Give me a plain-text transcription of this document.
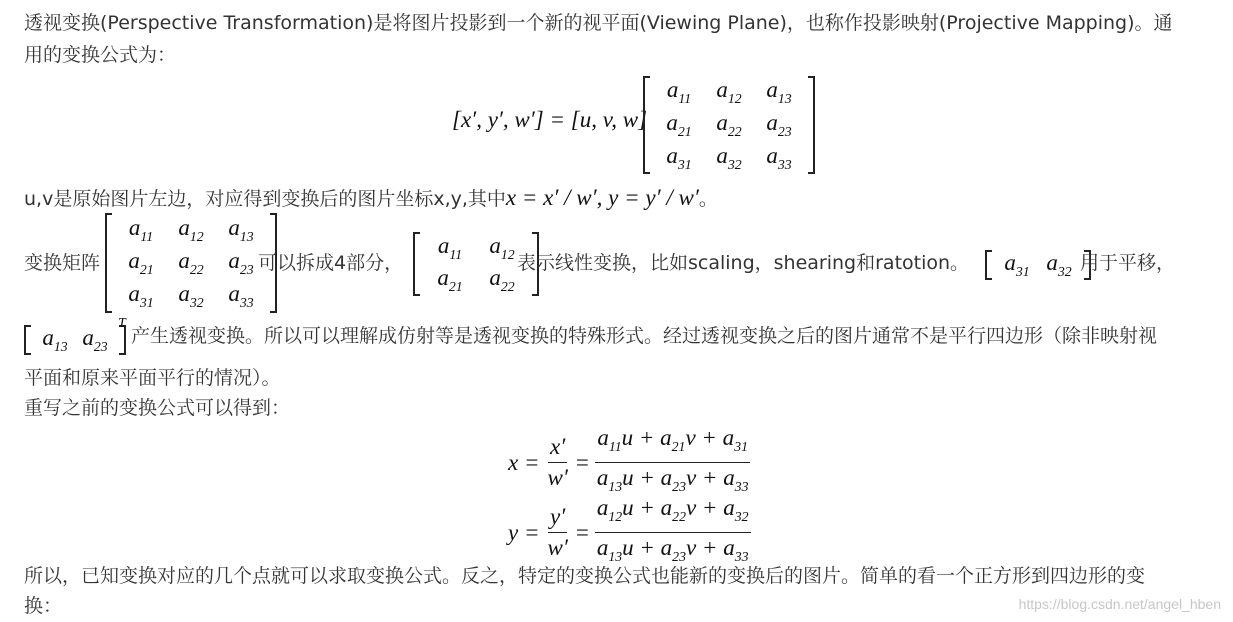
透视变换(Perspective Transformation)是将图片投影到一个新的视平面(Viewing Plane)，也称作投影映射(Projective Mapping)。通
用的变换公式为：
[x′, y′, w′] = [u, v, w]
$a_{11}$ $a_{12}$ $a_{13}$
$a_{21}$ $a_{22}$ $a_{23}$
$a_{31}$ $a_{32}$ $a_{33}$
u,v是原始图片左边，对应得到变换后的图片坐标x,y,其中x = x′ / w′, y = y′ / w′。
变换矩阵
$a_{11}$ $a_{12}$ $a_{13}$
$a_{21}$ $a_{22}$ $a_{23}$
$a_{31}$ $a_{32}$ $a_{33}$
可以拆成4部分，
$a_{11}$ $a_{12}$
$a_{21}$ $a_{22}$
表示线性变换，比如scaling，shearing和ratotion。 $a_{31}$ $a_{32}$ 用于平移，
$a_{13}$ $a_{23}$
T
产生透视变换。所以可以理解成仿射等是透视变换的特殊形式。经过透视变换之后的图片通常不是平行四边形（除非映射视
平面和原来平面平行的情况）。
重写之前的变换公式可以得到：
$x = \frac{x'}{w'} = \frac{a_{11}u + a_{21}v + a_{31}}{a_{13}u + a_{23}v + a_{33}}$
$y = \frac{y'}{w'} = \frac{a_{12}u + a_{22}v + a_{32}}{a_{13}u + a_{23}v + a_{33}}$
所以，已知变换对应的几个点就可以求取变换公式。反之，特定的变换公式也能新的变换后的图片。简单的看一个正方形到四边形的变
换：	https://blog.csdn.net/angel_hben
